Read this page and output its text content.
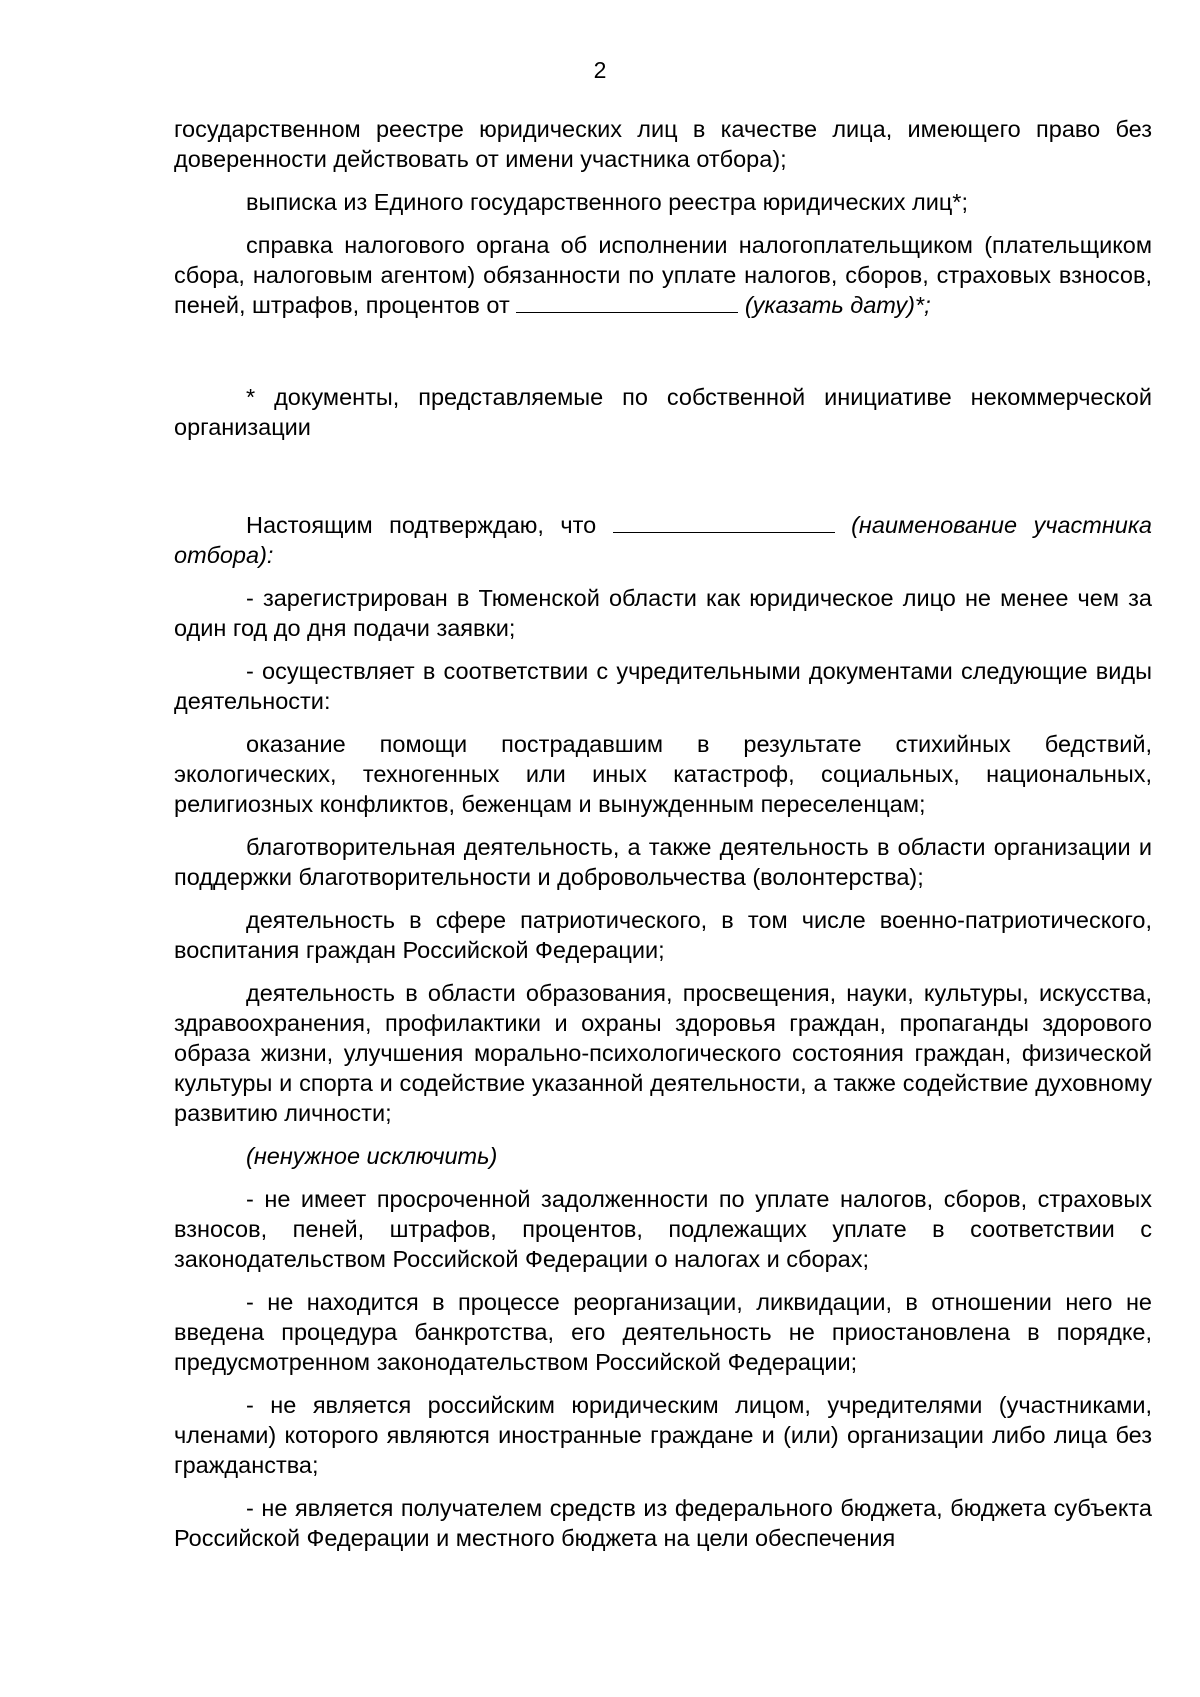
2

государственном реестре юридических лиц в качестве лица, имеющего право без доверенности действовать от имени участника отбора);

выписка из Единого государственного реестра юридических лиц*;

справка налогового органа об исполнении налогоплательщиком (плательщиком сбора, налоговым агентом) обязанности по уплате налогов, сборов, страховых взносов, пеней, штрафов, процентов от	(указать дату)*;

* документы, представляемые по собственной инициативе некоммерческой организации

Настоящим подтверждаю, что	(наименование участника отбора):

- зарегистрирован в Тюменской области как юридическое лицо не менее чем за один год до дня подачи заявки;

- осуществляет в соответствии с учредительными документами следующие виды деятельности:

оказание помощи пострадавшим в результате стихийных бедствий, экологических, техногенных или иных катастроф, социальных, национальных, религиозных конфликтов, беженцам и вынужденным переселенцам;

благотворительная деятельность, а также деятельность в области организации и поддержки благотворительности и добровольчества (волонтерства);

деятельность в сфере патриотического, в том числе военно-патриотического, воспитания граждан Российской Федерации;

деятельность в области образования, просвещения, науки, культуры, искусства, здравоохранения, профилактики и охраны здоровья граждан, пропаганды здорового образа жизни, улучшения морально-психологического состояния граждан, физической культуры и спорта и содействие указанной деятельности, а также содействие духовному развитию личности;

(ненужное исключить)

- не имеет просроченной задолженности по уплате налогов, сборов, страховых взносов, пеней, штрафов, процентов, подлежащих уплате в соответствии с законодательством Российской Федерации о налогах и сборах;

- не находится в процессе реорганизации, ликвидации, в отношении него не введена процедура банкротства, его деятельность не приостановлена в порядке, предусмотренном законодательством Российской Федерации;

- не является российским юридическим лицом, учредителями (участниками, членами) которого являются иностранные граждане и (или) организации либо лица без гражданства;

- не является получателем средств из федерального бюджета, бюджета субъекта Российской Федерации и местного бюджета на цели обеспечения
